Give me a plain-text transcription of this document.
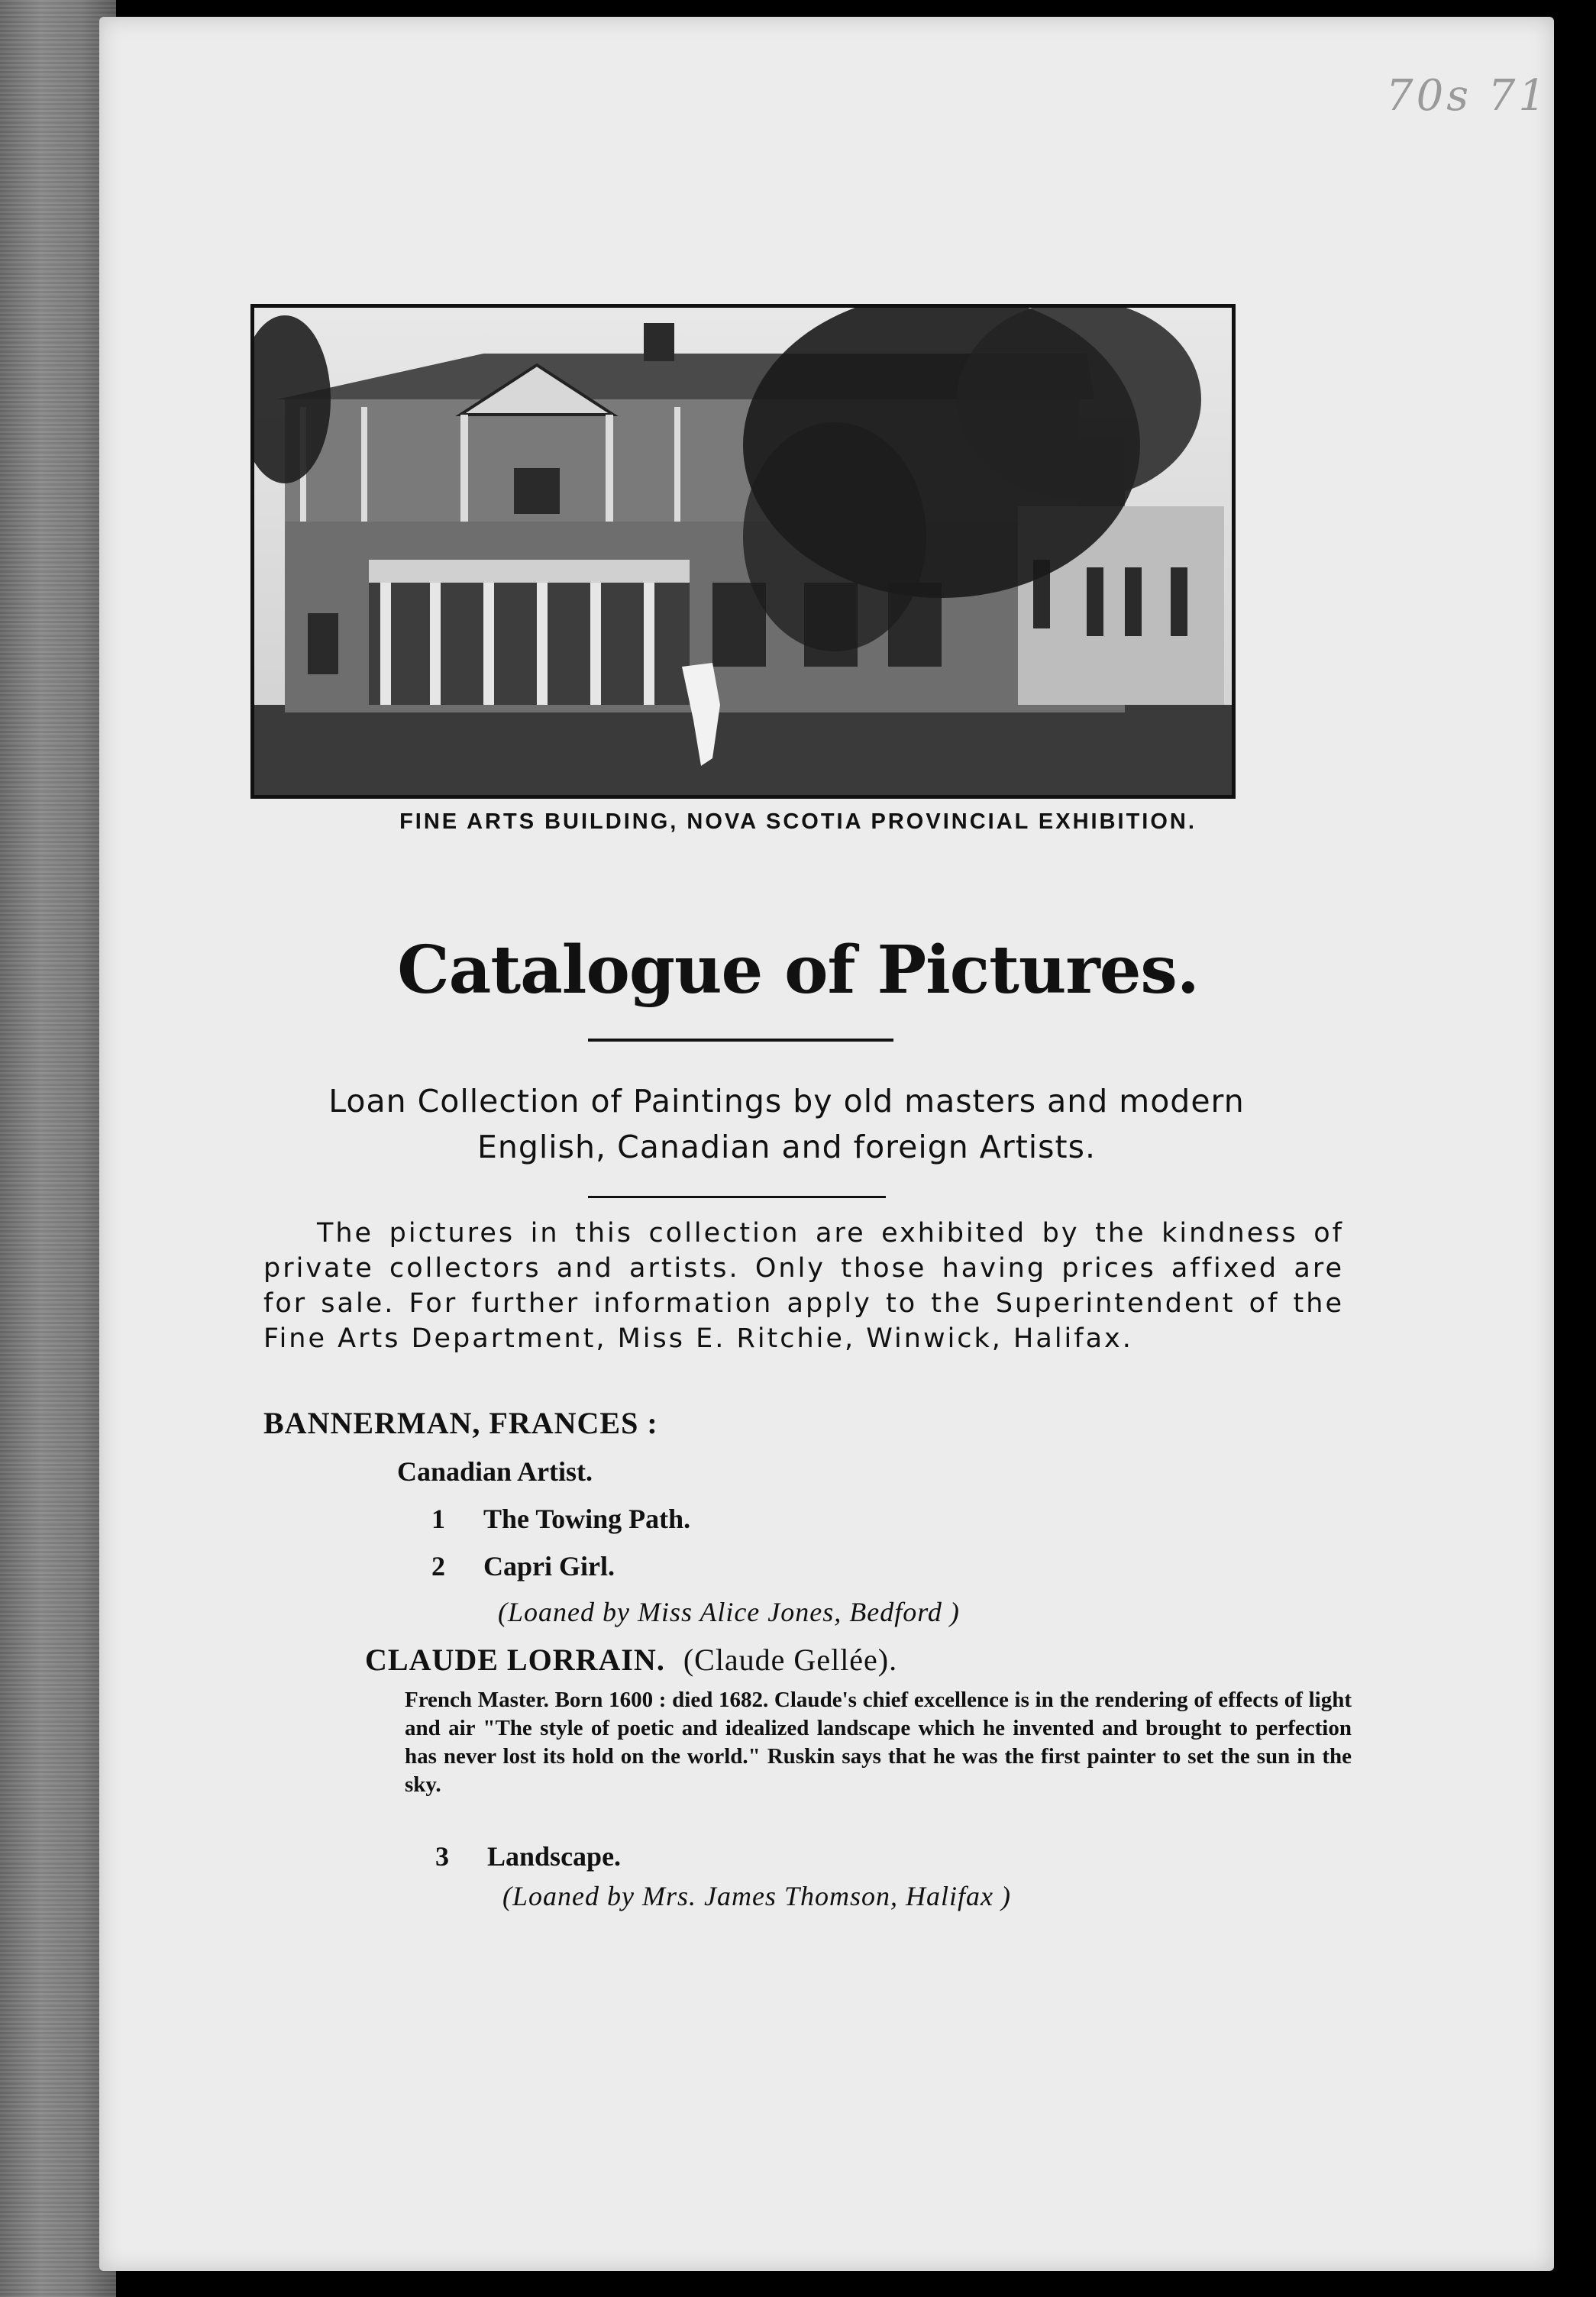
70s 71
FINE ARTS BUILDING, NOVA SCOTIA PROVINCIAL EXHIBITION.
Catalogue of Pictures.
Loan Collection of Paintings by old masters and modern
English, Canadian and foreign Artists.
The pictures in this collection are exhibited by the kindness of private collectors and artists. Only those having prices affixed are for sale. For further information apply to the Superintendent of the Fine Arts Department, Miss E. Ritchie, Winwick, Halifax.
BANNERMAN, FRANCES :
Canadian Artist.
1 The Towing Path.
2 Capri Girl.
(Loaned by Miss Alice Jones, Bedford )
CLAUDE LORRAIN. (Claude Gellée).
French Master. Born 1600 : died 1682. Claude's chief excellence is in the rendering of effects of light and air "The style of poetic and idealized landscape which he invented and brought to perfection has never lost its hold on the world." Ruskin says that he was the first painter to set the sun in the sky.
3 Landscape.
(Loaned by Mrs. James Thomson, Halifax )
